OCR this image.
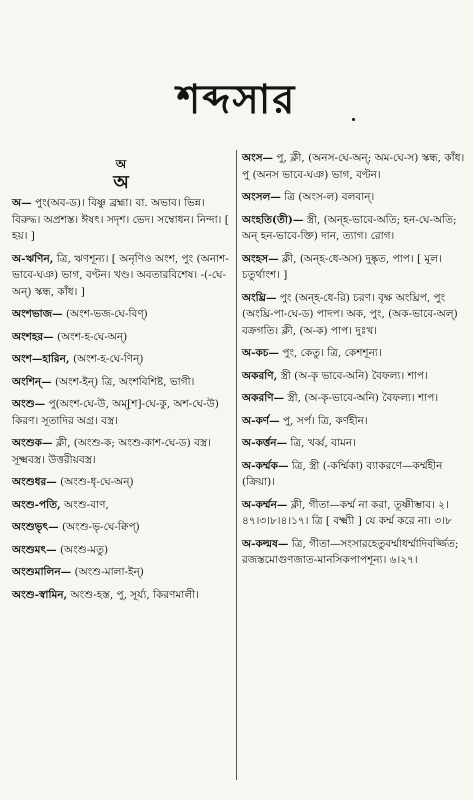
শব্দসার
অ
অ
অ— পুং(অব-ড)। বিষ্ণু ব্রহ্মা। বা. অভাব। ভিন্ন। বিরুদ্ধ। অপ্রশস্ত। ঈষৎ। সদৃশ। ভেদ। সম্বোধন। নিন্দা। [ হয়। ]
অ-ঋণিন, ত্রি, ঋণশূন্য। [ অনৃণিও অংশ, পুং (অনাশ-ভাবে-ঘঞ) ভাগ, বণ্টন। খণ্ড। অবতারবিশেষ। -(-ঘে-অন্) স্কন্ধ, কাঁধ। ]
অংশভাজ— (অংশ-ভজ-ঘে-বিণ্)
অংশহর— (অংশ-হ-ঘে-অন্)
অংশ—হারিন, (অংশ-হ-ঘে-ণিন্)
অংশিন্— (অংশ-ইন্) ত্রি, অংশবিশিষ্ট, ভাগী।
অংশু— পু(অংশ-ঘে-উ, অম্[শ]-ঘে-কু, অশ-ঘে-উ) কিরণ। সূতাদির অগ্র। বস্ত্র।
অংশুক— ক্লী, (অংশু-ক; অংশু-কাশ-ঘে-ড) বস্ত্র। সূক্ষ্মবস্ত্র। উত্তরীয়বস্ত্র।
অংশুধর— (অংশু-ধৃ-ঘে-অন্)
অংশু-পতি, অংশু-বাণ,
অংশুভৃৎ— (অংশু-ভৃ-ঘে-ক্বিপ্)
অংশুমৎ— (অংশু-মতু)
অংশুমালিন— (অংশু-মালা-ইন্)
অংশু-স্বামিন, অংশু-হস্ত, পু, সূর্য্য, কিরণমালী।
অংস— পু, ক্লী, (অনস-ঘে-অন্; অম-ঘে-স) স্কন্ধ, কাঁধ। পু (অনস ভাবে-ঘঞ) ভাগ, বণ্টন।
অংসল— ত্রি (অংস-ল) বলবান্।
অংহতি(তী)— স্ত্রী, (অন্‌হ-ভাবে-অতি; হন-ঘে-অতি; অন্ হন-ভাবে-ক্তি) দান, ত্যাগ। রোগ।
অংহস— ক্লী, (অন্‌হ-ধে-অস) দুষ্কৃত, পাপ। [ মূল। চতুর্থাংশ। ]
অংঘ্রি— পুং (অন্‌হ-ধে-রি) চরণ। বৃক্ষ অংঘ্রিপ, পুং (অংঘ্রি-পা-ঘে-ড) পাদপ। অক, পুং, (অক-ভাবে-অল্) বক্রগতি। ক্লী, (অ-ক) পাপ। দুঃখ।
অ-কচ— পুং, কেতু। ত্রি, কেশশূন্য।
অকরণি, স্ত্রী (অ-কৃ ভাবে-অনি) বৈফল্য। শাপ।
অকরণি— স্ত্রী, (অ-কৃ-ভাবে-অনি) বৈফল্য। শাপ।
অ-কর্ণ— পু, সর্প। ত্রি, কর্ণহীন।
অ-কর্ত্তন— ত্রি, খর্ব্ব, বামন।
অ-কর্ম্মক— ত্রি, স্ত্রী (-কর্ম্মিকা) ব্যাকরণে—কর্ম্মহীন (ক্রিয়া)।
অ-কর্ম্মন— ক্লী, গীতা—কর্ম্ম না করা, তূষ্ণীম্ভাব। ২।৪৭।৩।৮।৪।১৭। ত্রি [ বক্ষ্ম্যী ] যে কর্ম্ম করে না। ৩।৮
অ-কল্মষ— ত্রি, গীতা—সংসারহেতুবর্ম্মাধর্ম্মাদিবর্জ্জিত; রজস্তমোগুণজাত-মানসিকপাপশূন্য। ৬।২৭।
